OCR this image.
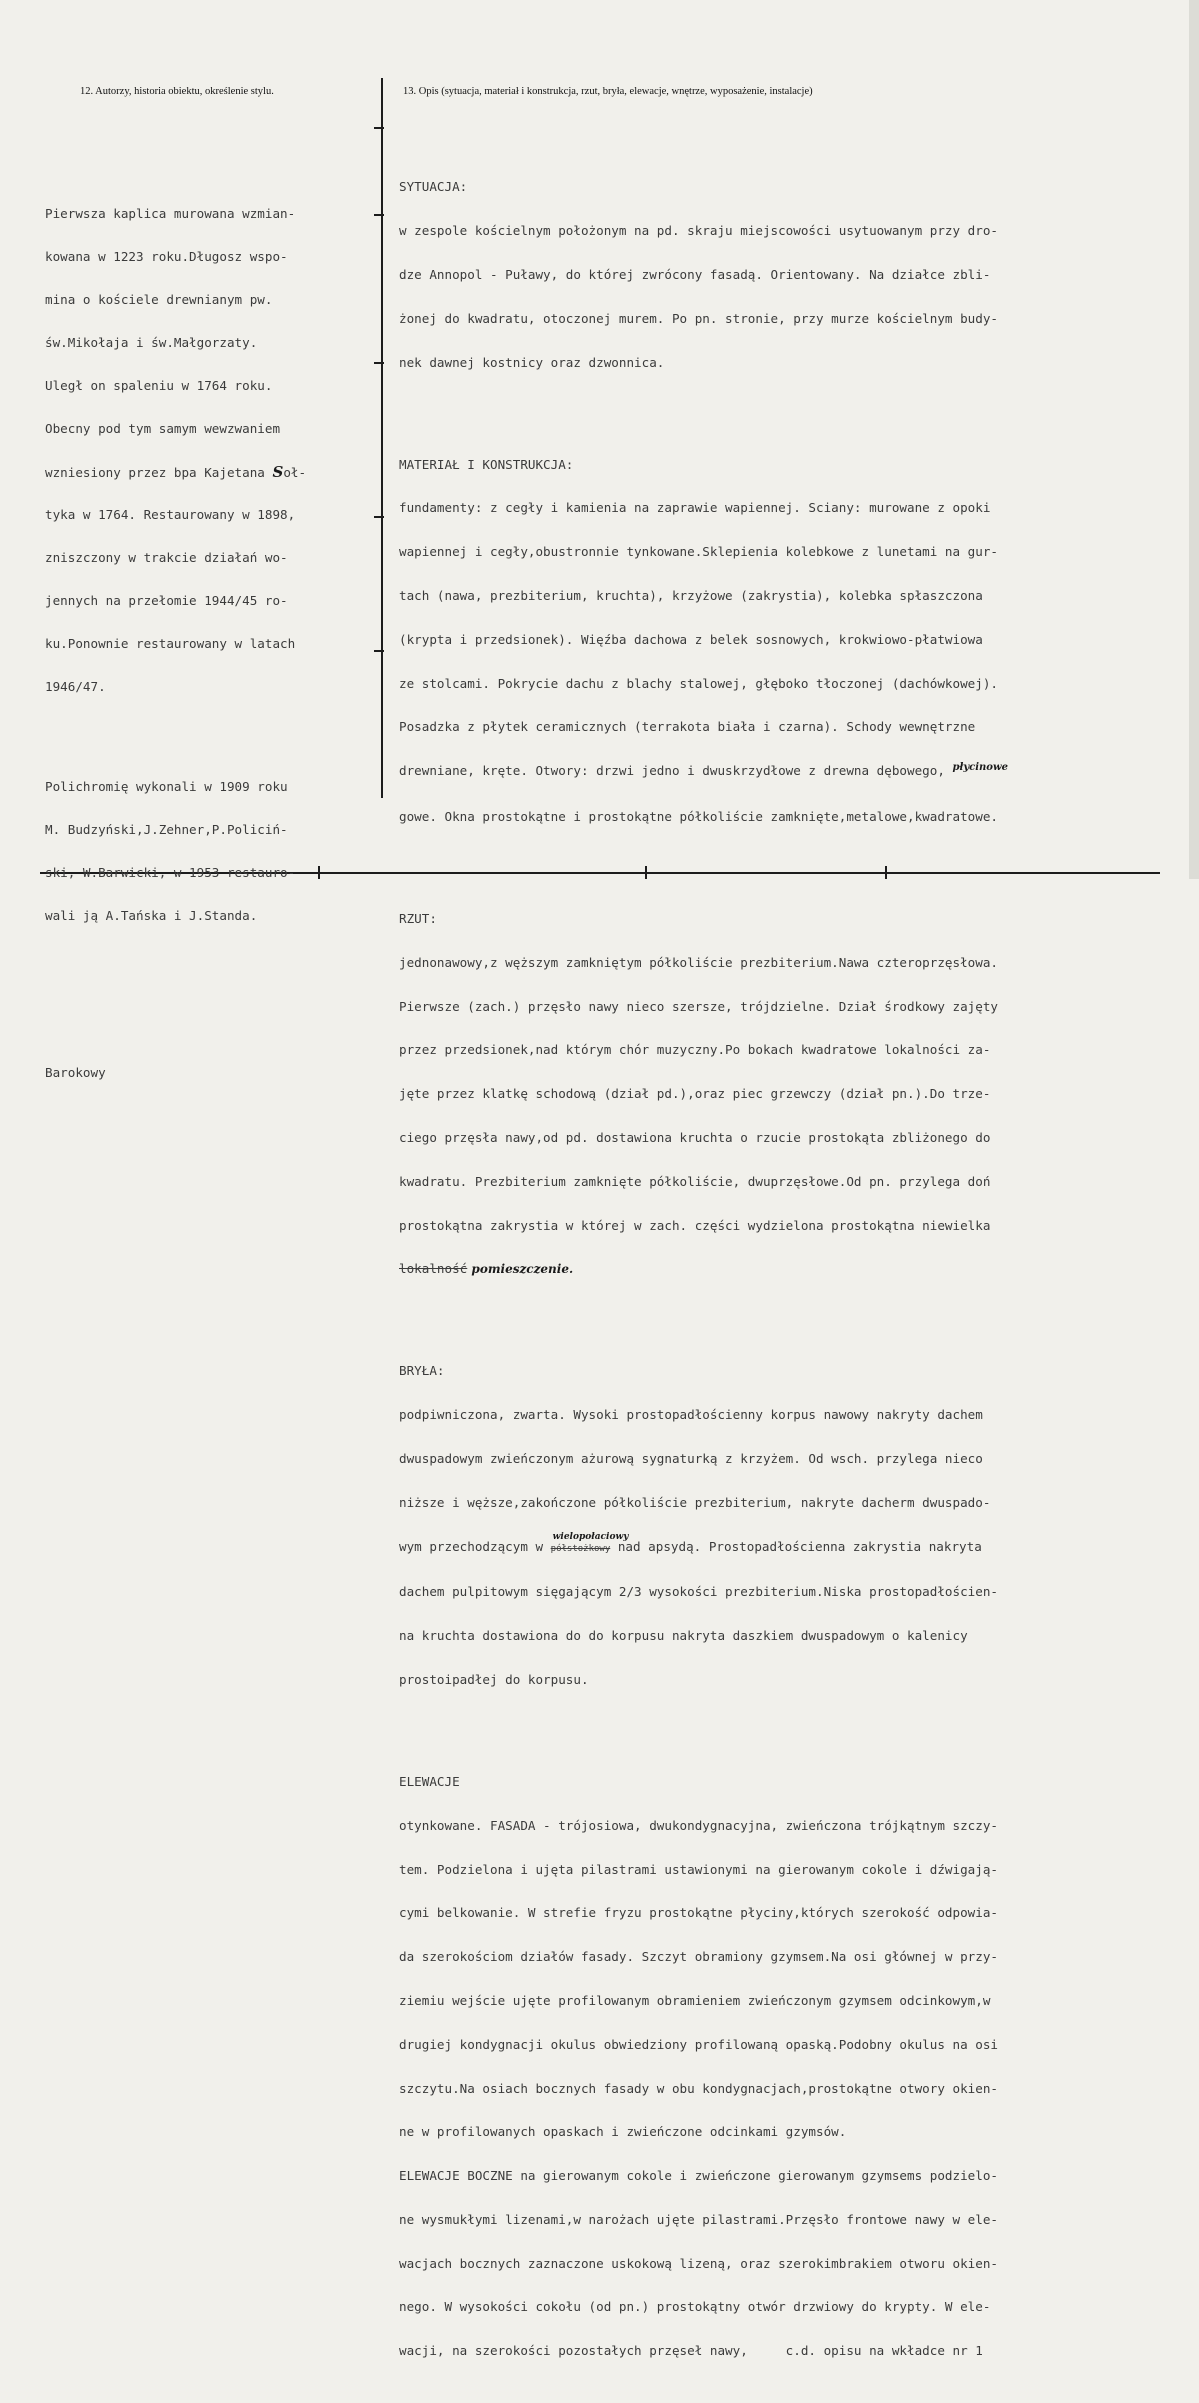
12. Autorzy, historia obiektu, określenie stylu.	13. Opis (sytuacja, materiał i konstrukcja, rzut, bryła, elewacje, wnętrze, wyposażenie, instalacje)

Pierwsza kaplica murowana wzmian-

kowana w 1223 roku.Długosz wspo-

mina o kościele drewnianym pw.

św.Mikołaja i św.Małgorzaty.

Uległ on spaleniu w 1764 roku.

Obecny pod tym samym wewzwaniem

wzniesiony przez bpa Kajetana Soł-

tyka w 1764. Restaurowany w 1898,

zniszczony w trakcie działań wo-

jennych na przełomie 1944/45 ro-

ku.Ponownie restaurowany w latach

1946/47.

Polichromię wykonali w 1909 roku

M. Budzyński,J.Zehner,P.Policiń-

ski, W.Barwicki, w 1953 restauro-

wali ją A.Tańska i J.Standa.

Barokowy

SYTUACJA:

w zespole kościelnym położonym na pd. skraju miejscowości usytuowanym przy dro-

dze Annopol - Puławy, do której zwrócony fasadą. Orientowany. Na działce zbli-

żonej do kwadratu, otoczonej murem. Po pn. stronie, przy murze kościelnym budy-

nek dawnej kostnicy oraz dzwonnica.

MATERIAŁ I KONSTRUKCJA:

fundamenty: z cegły i kamienia na zaprawie wapiennej. Sciany: murowane z opoki

wapiennej i cegły,obustronnie tynkowane.Sklepienia kolebkowe z lunetami na gur-

tach (nawa, prezbiterium, kruchta), krzyżowe (zakrystia), kolebka spłaszczona

(krypta i przedsionek). Więźba dachowa z belek sosnowych, krokwiowo-płatwiowa

ze stolcami. Pokrycie dachu z blachy stalowej, głęboko tłoczonej (dachówkowej).

Posadzka z płytek ceramicznych (terrakota biała i czarna). Schody wewnętrzne

drewniane, kręte. Otwory: drzwi jedno i dwuskrzydłowe z drewna dębowego, $^{płycinowe}$

gowe. Okna prostokątne i prostokątne półkoliście zamknięte,metalowe,kwadratowe.

RZUT:

jednonawowy,z węższym zamkniętym półkoliście prezbiterium.Nawa czteroprzęsłowa.

Pierwsze (zach.) przęsło nawy nieco szersze, trójdzielne. Dział środkowy zajęty

przez przedsionek,nad którym chór muzyczny.Po bokach kwadratowe lokalności za-

jęte przez klatkę schodową (dział pd.),oraz piec grzewczy (dział pn.).Do trze-

ciego przęsła nawy,od pd. dostawiona kruchta o rzucie prostokąta zbliżonego do

kwadratu. Prezbiterium zamknięte półkoliście, dwuprzęsłowe.Od pn. przylega doń

prostokątna zakrystia w której w zach. części wydzielona prostokątna niewielka

lokalność pomieszczenie.

BRYŁA:

podpiwniczona, zwarta. Wysoki prostopadłościenny korpus nawowy nakryty dachem

dwuspadowym zwieńczonym ażurową sygnaturką z krzyżem. Od wsch. przylega nieco

niższe i węższe,zakończone półkoliście prezbiterium, nakryte dacherm dwuspado-

wym przechodzącym w półstożkowy
wielopołaciowy
nad apsydą. Prostopadłościenna zakrystia nakryta

dachem pulpitowym sięgającym 2/3 wysokości prezbiterium.Niska prostopadłościen-

na kruchta dostawiona do do korpusu nakryta daszkiem dwuspadowym o kalenicy

prostoipadłej do korpusu.

ELEWACJE

otynkowane. FASADA - trójosiowa, dwukondygnacyjna, zwieńczona trójkątnym szczy-

tem. Podzielona i ujęta pilastrami ustawionymi na gierowanym cokole i dźwigają-

cymi belkowanie. W strefie fryzu prostokątne płyciny,których szerokość odpowia-

da szerokościom działów fasady. Szczyt obramiony gzymsem.Na osi głównej w przy-

ziemiu wejście ujęte profilowanym obramieniem zwieńczonym gzymsem odcinkowym,w

drugiej kondygnacji okulus obwiedziony profilowaną opaską.Podobny okulus na osi

szczytu.Na osiach bocznych fasady w obu kondygnacjach,prostokątne otwory okien-

ne w profilowanych opaskach i zwieńczone odcinkami gzymsów.

ELEWACJE BOCZNE na gierowanym cokole i zwieńczone gierowanym gzymsems podzielo-

ne wysmukłymi lizenami,w narożach ujęte pilastrami.Przęsło frontowe nawy w ele-

wacjach bocznych zaznaczone uskokową lizeną, oraz szerokimbrakiem otworu okien-

nego. W wysokości cokołu (od pn.) prostokątny otwór drzwiowy do krypty. W ele-

wacji, na szerokości pozostałych przęseł nawy,     c.d. opisu na wkładce nr 1
